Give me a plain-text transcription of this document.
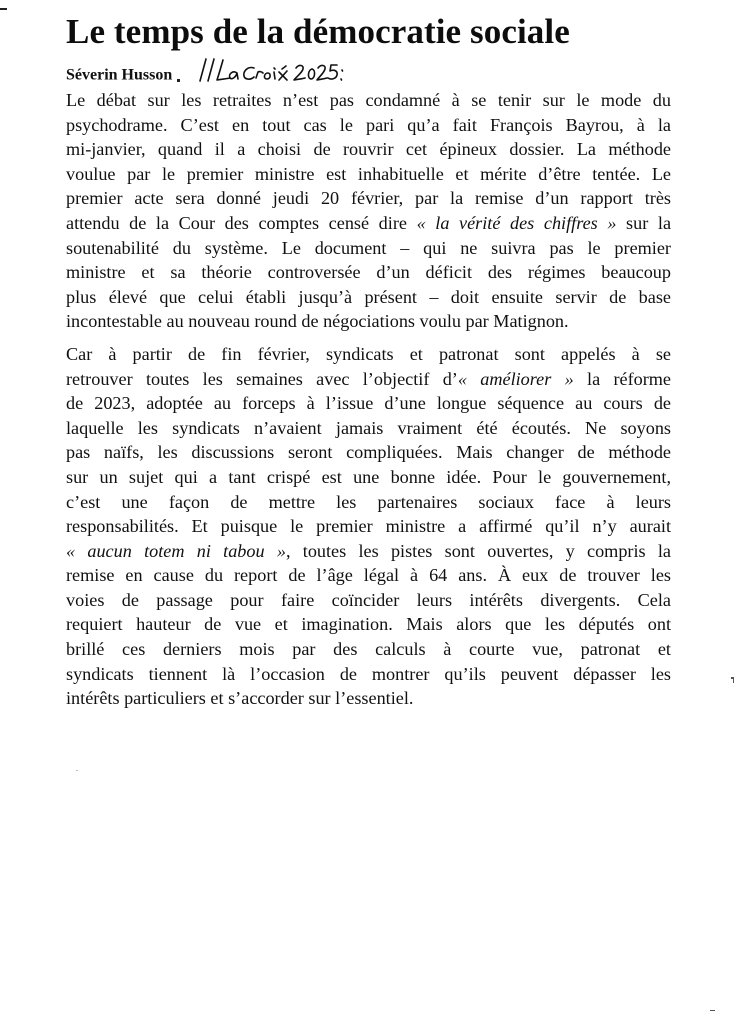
Le temps de la démocratie sociale
Séverin Husson
Le débat sur les retraites n’est pas condamné à se tenir sur le mode du
psychodrame. C’est en tout cas le pari qu’a fait François Bayrou, à la
mi-janvier, quand il a choisi de rouvrir cet épineux dossier. La méthode
voulue par le premier ministre est inhabituelle et mérite d’être tentée. Le
premier acte sera donné jeudi 20 février, par la remise d’un rapport très
attendu de la Cour des comptes censé dire « la vérité des chiffres » sur la
soutenabilité du système. Le document – qui ne suivra pas le premier
ministre et sa théorie controversée d’un déficit des régimes beaucoup
plus élevé que celui établi jusqu’à présent – doit ensuite servir de base
incontestable au nouveau round de négociations voulu par Matignon.
Car à partir de fin février, syndicats et patronat sont appelés à se
retrouver toutes les semaines avec l’objectif d’« améliorer » la réforme
de 2023, adoptée au forceps à l’issue d’une longue séquence au cours de
laquelle les syndicats n’avaient jamais vraiment été écoutés. Ne soyons
pas naïfs, les discussions seront compliquées. Mais changer de méthode
sur un sujet qui a tant crispé est une bonne idée. Pour le gouvernement,
c’est une façon de mettre les partenaires sociaux face à leurs
responsabilités. Et puisque le premier ministre a affirmé qu’il n’y aurait
« aucun totem ni tabou », toutes les pistes sont ouvertes, y compris la
remise en cause du report de l’âge légal à 64 ans. À eux de trouver les
voies de passage pour faire coïncider leurs intérêts divergents. Cela
requiert hauteur de vue et imagination. Mais alors que les députés ont
brillé ces derniers mois par des calculs à courte vue, patronat et
syndicats tiennent là l’occasion de montrer qu’ils peuvent dépasser les
intérêts particuliers et s’accorder sur l’essentiel.
